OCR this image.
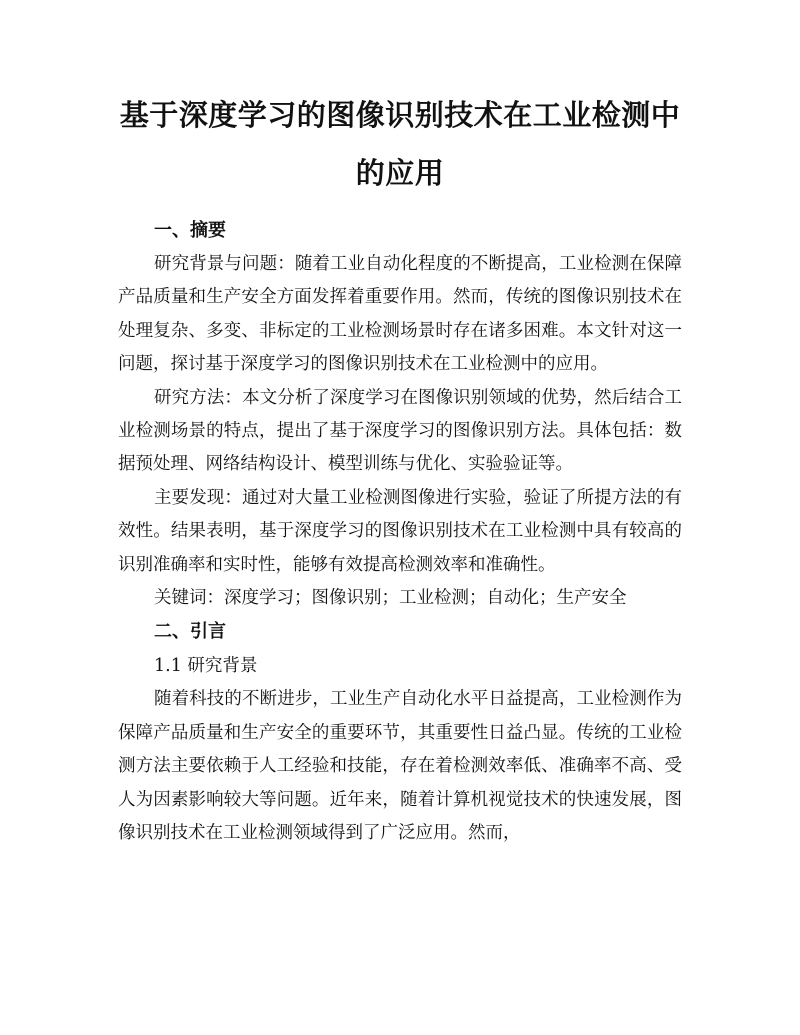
基于深度学习的图像识别技术在工业检测中的应用
一、摘要

研究背景与问题：随着工业自动化程度的不断提高，工业检测在保障产品质量和生产安全方面发挥着重要作用。然而，传统的图像识别技术在处理复杂、多变、非标定的工业检测场景时存在诸多困难。本文针对这一问题，探讨基于深度学习的图像识别技术在工业检测中的应用。

研究方法：本文分析了深度学习在图像识别领域的优势，然后结合工业检测场景的特点，提出了基于深度学习的图像识别方法。具体包括：数据预处理、网络结构设计、模型训练与优化、实验验证等。

主要发现：通过对大量工业检测图像进行实验，验证了所提方法的有效性。结果表明，基于深度学习的图像识别技术在工业检测中具有较高的识别准确率和实时性，能够有效提高检测效率和准确性。

关键词：深度学习；图像识别；工业检测；自动化；生产安全

二、引言

1.1 研究背景

随着科技的不断进步，工业生产自动化水平日益提高，工业检测作为保障产品质量和生产安全的重要环节，其重要性日益凸显。传统的工业检测方法主要依赖于人工经验和技能，存在着检测效率低、准确率不高、受人为因素影响较大等问题。近年来，随着计算机视觉技术的快速发展，图像识别技术在工业检测领域得到了广泛应用。然而，
